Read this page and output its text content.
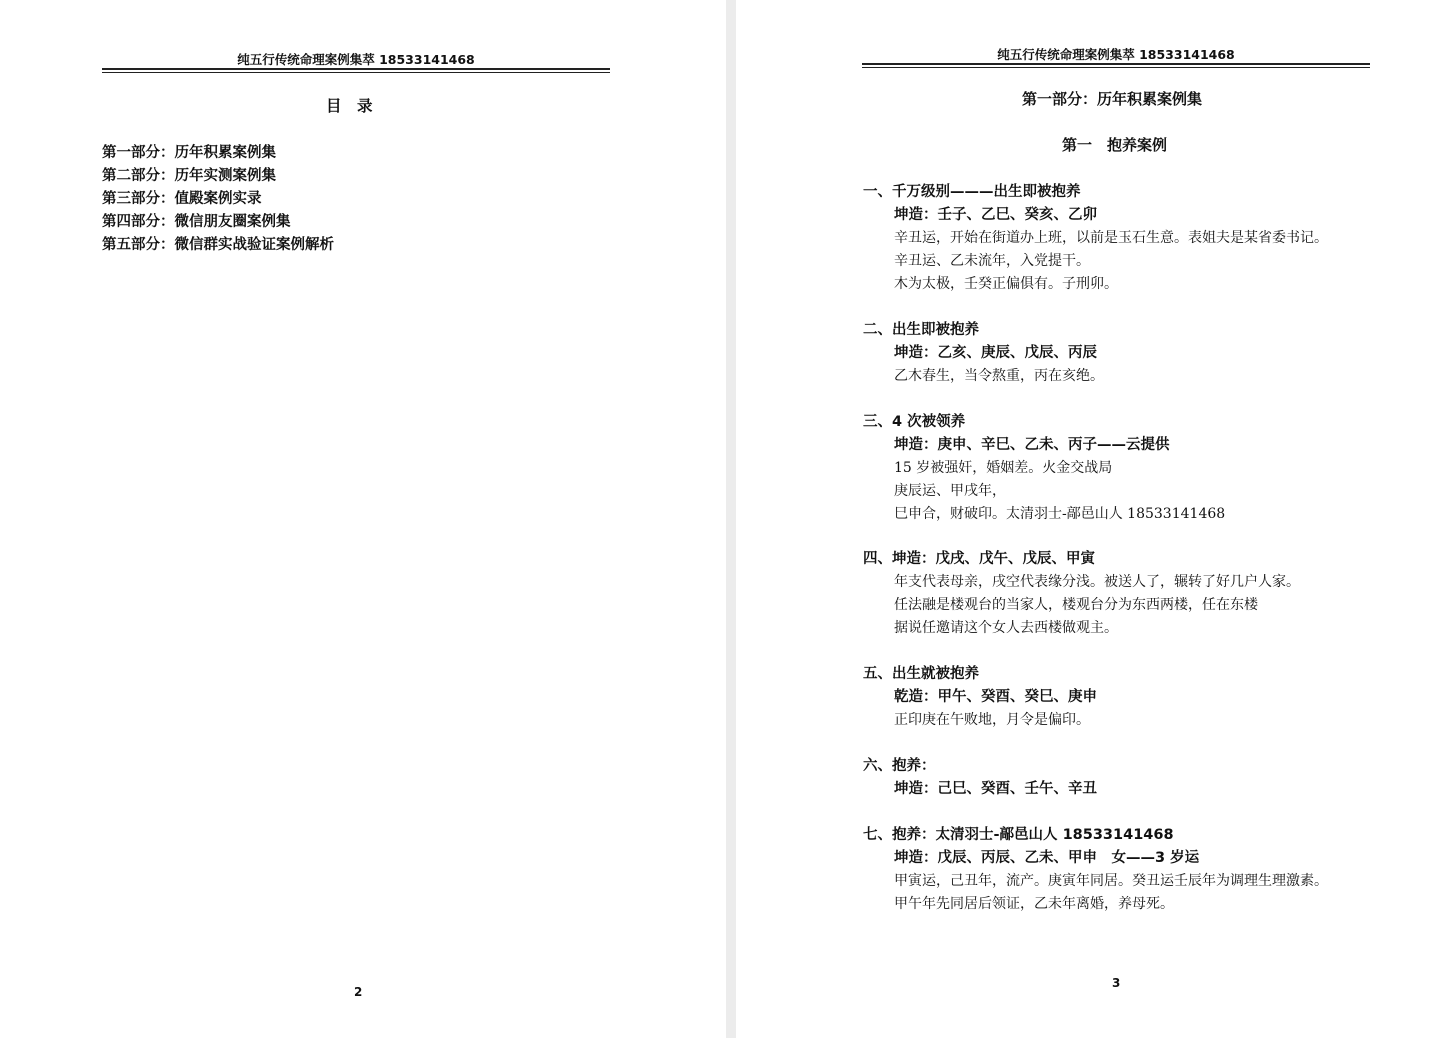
纯五行传统命理案例集萃 18533141468
目　录
第一部分：历年积累案例集
第二部分：历年实测案例集
第三部分：值殿案例实录
第四部分：微信朋友圈案例集
第五部分：微信群实战验证案例解析
2
纯五行传统命理案例集萃 18533141468
第一部分：历年积累案例集
第一　抱养案例
一、千万级别———出生即被抱养
坤造：壬子、乙巳、癸亥、乙卯
辛丑运，开始在街道办上班，以前是玉石生意。表姐夫是某省委书记。
辛丑运、乙未流年，入党提干。
木为太极，壬癸正偏俱有。子刑卯。
二、出生即被抱养
坤造：乙亥、庚辰、戊辰、丙辰
乙木春生，当令熬重，丙在亥绝。
三、4 次被领养
坤造：庚申、辛巳、乙未、丙子——云提供
15 岁被强奸，婚姻差。火金交战局
庚辰运、甲戌年，
巳申合，财破印。太清羽士-鄗邑山人 18533141468
四、坤造：戊戌、戊午、戊辰、甲寅
年支代表母亲，戌空代表缘分浅。被送人了，辗转了好几户人家。
任法融是楼观台的当家人，楼观台分为东西两楼，任在东楼
据说任邀请这个女人去西楼做观主。
五、出生就被抱养
乾造：甲午、癸酉、癸巳、庚申
正印庚在午败地，月令是偏印。
六、抱养：
坤造：己巳、癸酉、壬午、辛丑
七、抱养：太清羽士-鄗邑山人 18533141468
坤造：戊辰、丙辰、乙未、甲申　女——3 岁运
甲寅运，己丑年，流产。庚寅年同居。癸丑运壬辰年为调理生理激素。
甲午年先同居后领证，乙未年离婚，养母死。
3
